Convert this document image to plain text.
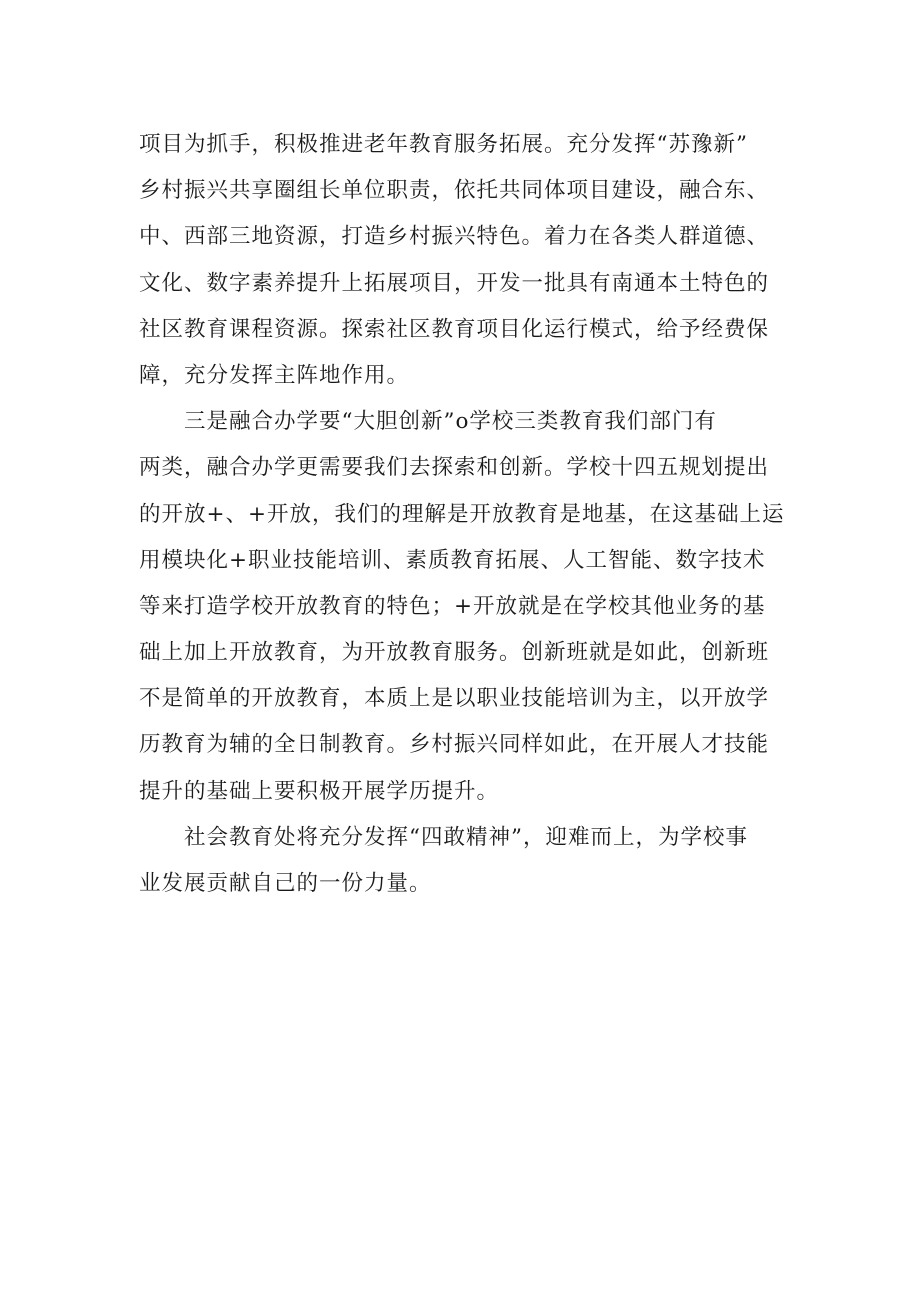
项目为抓手，积极推进老年教育服务拓展。充分发挥“苏豫新”
乡村振兴共享圈组长单位职责，依托共同体项目建设，融合东、
中、西部三地资源，打造乡村振兴特色。着力在各类人群道德、
文化、数字素养提升上拓展项目，开发一批具有南通本土特色的
社区教育课程资源。探索社区教育项目化运行模式，给予经费保
障，充分发挥主阵地作用。
　　三是融合办学要“大胆创新”o学校三类教育我们部门有
两类，融合办学更需要我们去探索和创新。学校十四五规划提出
的开放+、+开放，我们的理解是开放教育是地基，在这基础上运
用模块化+职业技能培训、素质教育拓展、人工智能、数字技术
等来打造学校开放教育的特色；+开放就是在学校其他业务的基
础上加上开放教育，为开放教育服务。创新班就是如此，创新班
不是简单的开放教育，本质上是以职业技能培训为主，以开放学
历教育为辅的全日制教育。乡村振兴同样如此，在开展人才技能
提升的基础上要积极开展学历提升。
　　社会教育处将充分发挥“四敢精神”，迎难而上，为学校事
业发展贡献自己的一份力量。
